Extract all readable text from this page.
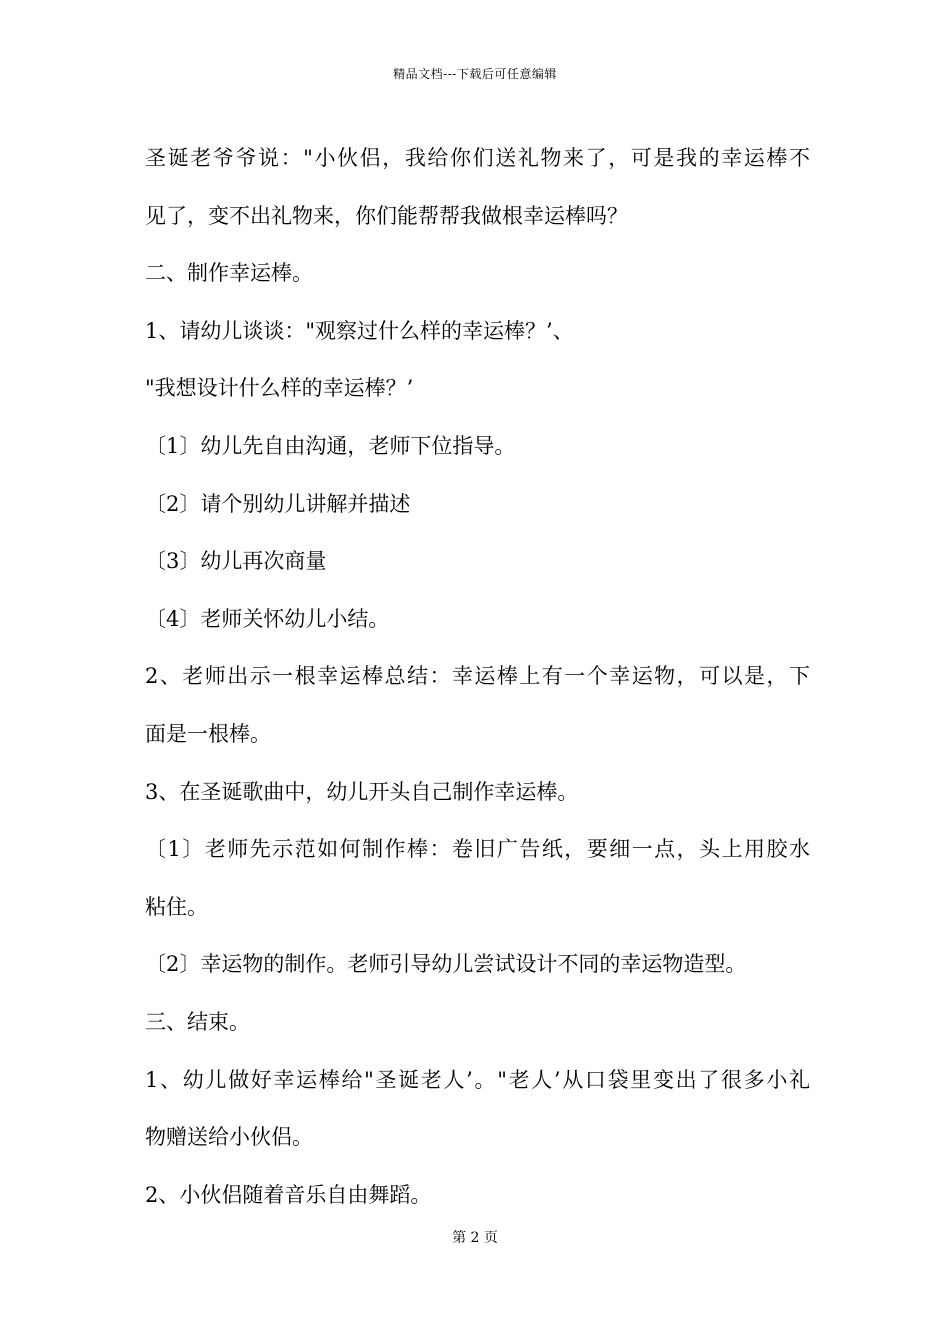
精品文档---下载后可任意编辑
圣诞老爷爷说："小伙侣，我给你们送礼物来了，可是我的幸运棒不
见了，变不出礼物来，你们能帮帮我做根幸运棒吗？
二、制作幸运棒。
1、请幼儿谈谈："观察过什么样的幸运棒？’、
"我想设计什么样的幸运棒？’
〔1〕幼儿先自由沟通，老师下位指导。
〔2〕请个别幼儿讲解并描述
〔3〕幼儿再次商量
〔4〕老师关怀幼儿小结。
2、老师出示一根幸运棒总结：幸运棒上有一个幸运物，可以是，下
面是一根棒。
3、在圣诞歌曲中，幼儿开头自己制作幸运棒。
〔1〕老师先示范如何制作棒：卷旧广告纸，要细一点，头上用胶水
粘住。
〔2〕幸运物的制作。老师引导幼儿尝试设计不同的幸运物造型。
三、结束。
1、幼儿做好幸运棒给"圣诞老人’。"老人’从口袋里变出了很多小礼
物赠送给小伙侣。
2、小伙侣随着音乐自由舞蹈。
第 2 页
